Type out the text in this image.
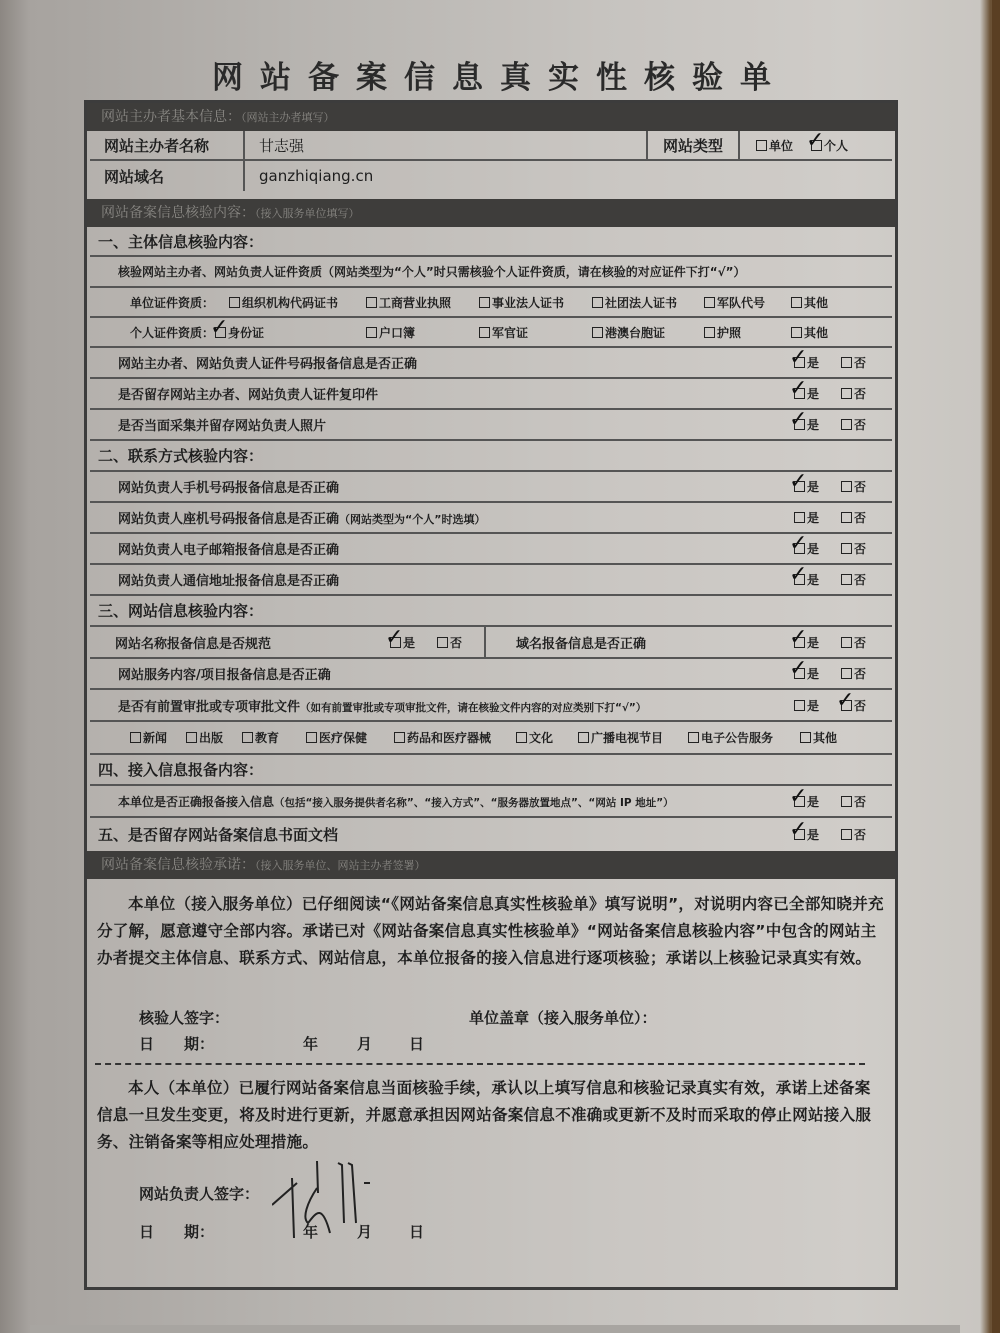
网站备案信息真实性核验单
网站主办者基本信息：（网站主办者填写）
网站主办者名称	甘志强	网站类型	单位 ✓	个人
网站域名	ganzhiqiang.cn
网站备案信息核验内容：（接入服务单位填写）
一、主体信息核验内容：
核验网站主办者、网站负责人证件资质（网站类型为“个人”时只需核验个人证件资质，请在核验的对应证件下打“√”）
单位证件资质：	组织机构代码证书	工商营业执照	事业法人证书	社团法人证书	军队代号	其他
个人证件资质： ✓ 身份证	户口簿	军官证	港澳台胞证	护照	其他
网站主办者、网站负责人证件号码报备信息是否正确 ✓	是	否
是否留存网站主办者、网站负责人证件复印件 ✓	是	否
是否当面采集并留存网站负责人照片 ✓	是	否
二、联系方式核验内容：
网站负责人手机号码报备信息是否正确 ✓	是	否
网站负责人座机号码报备信息是否正确（网站类型为“个人”时选填）	是	否
网站负责人电子邮箱报备信息是否正确 ✓	是	否
网站负责人通信地址报备信息是否正确 ✓	是	否
三、网站信息核验内容：
网站名称报备信息是否规范 ✓	是	否	域名报备信息是否正确 ✓	是	否
网站服务内容/项目报备信息是否正确 ✓	是	否
是否有前置审批或专项审批文件（如有前置审批或专项审批文件，请在核验文件内容的对应类别下打“√”）	是 ✓	否
新闻	出版	教育	医疗保健	药品和医疗器械	文化	广播电视节目	电子公告服务	其他
四、接入信息报备内容：
本单位是否正确报备接入信息（包括“接入服务提供者名称”、“接入方式”、“服务器放置地点”、“网站 IP 地址”） ✓	是	否
五、是否留存网站备案信息书面文档 ✓	是	否
网站备案信息核验承诺：（接入服务单位、网站主办者签署）
本单位（接入服务单位）已仔细阅读“《网站备案信息真实性核验单》填写说明”，对说明内容已全部知晓并充分了解，愿意遵守全部内容。承诺已对《网站备案信息真实性核验单》“网站备案信息核验内容”中包含的网站主办者提交主体信息、联系方式、网站信息，本单位报备的接入信息进行逐项核验；承诺以上核验记录真实有效。
核验人签字：	单位盖章（接入服务单位）：
日　　期：	年	月 日
本人（本单位）已履行网站备案信息当面核验手续，承认以上填写信息和核验记录真实有效，承诺上述备案信息一旦发生变更，将及时进行更新，并愿意承担因网站备案信息不准确或更新不及时而采取的停止网站接入服务、注销备案等相应处理措施。
网站负责人签字：
日　　期：	年	月 日
